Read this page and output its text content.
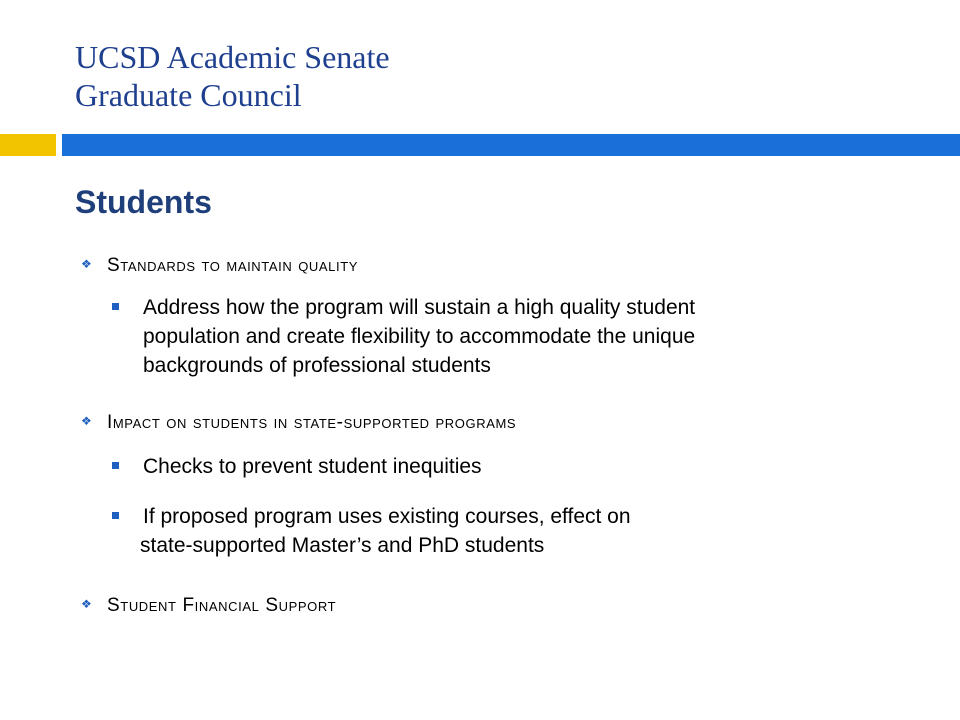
UCSD Academic Senate
Graduate Council
Students
❖ Standards to maintain quality
Address how the program will sustain a high quality student
population and create flexibility to accommodate the unique
backgrounds of professional students
❖ Impact on students in state-supported programs
Checks to prevent student inequities
If proposed program uses existing courses, effect on
state-supported Master’s and PhD students
❖ Student Financial Support
